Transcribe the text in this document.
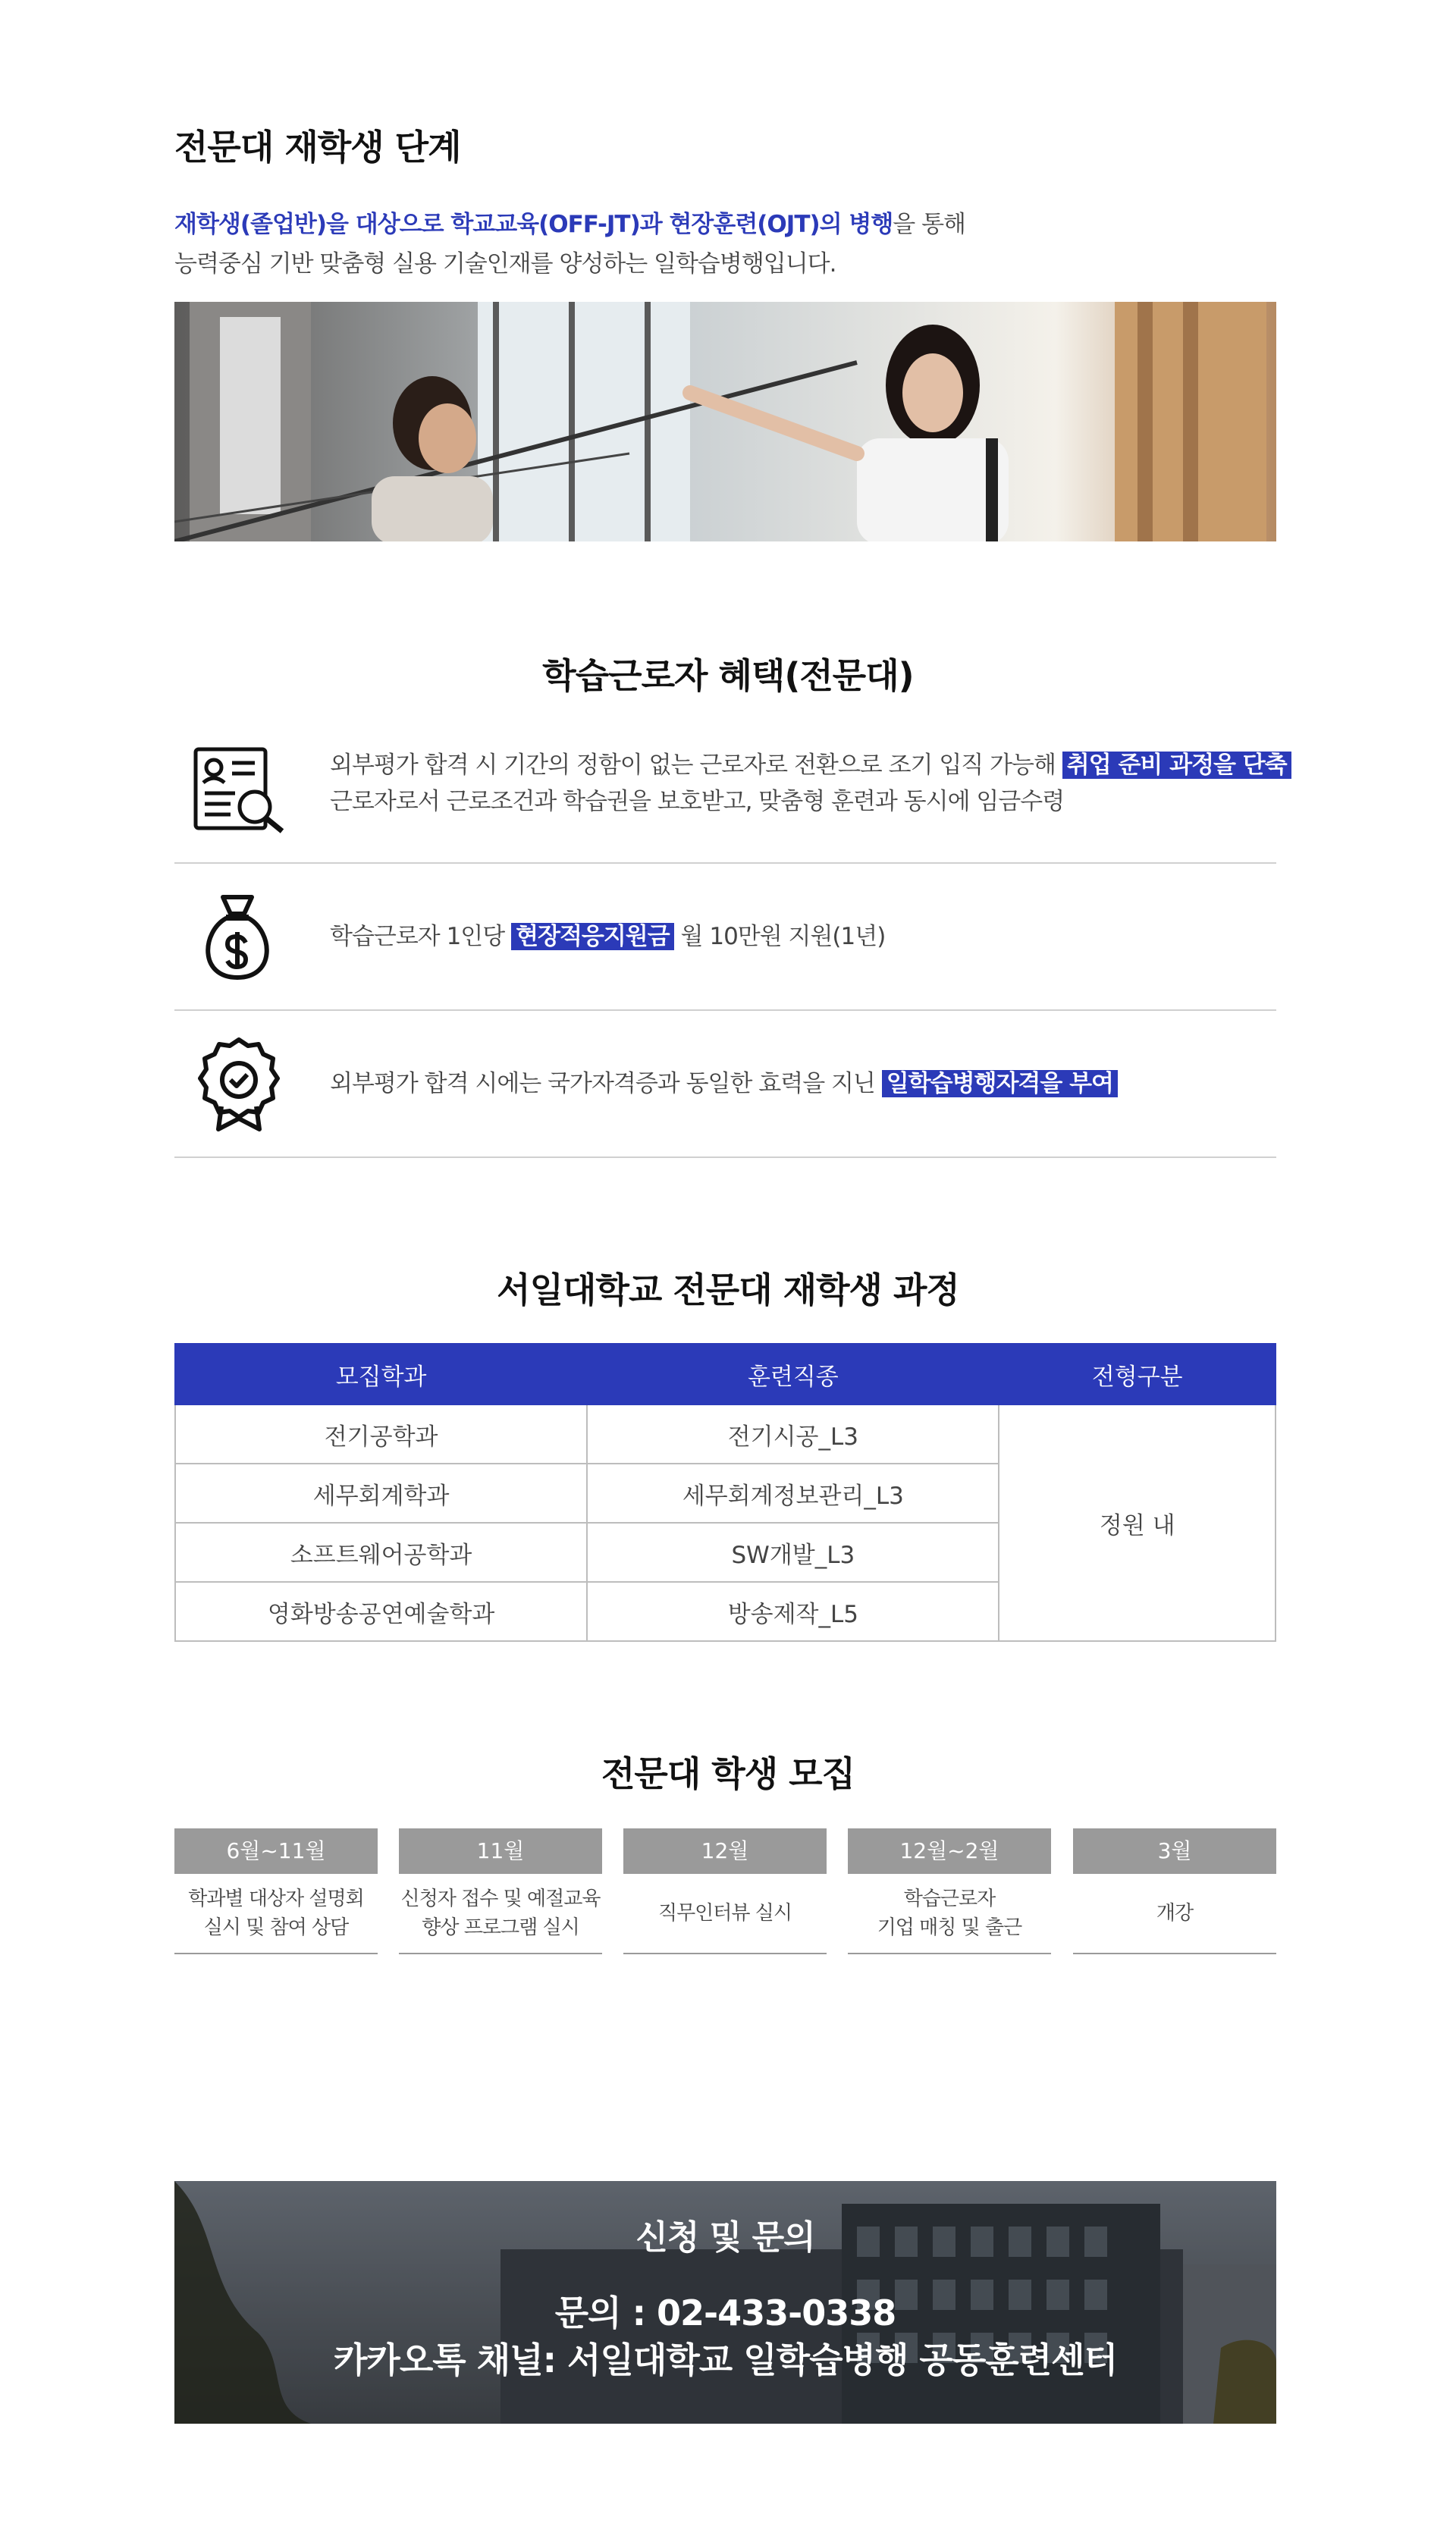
전문대 재학생 단계
재학생(졸업반)을 대상으로 학교교육(OFF-JT)과 현장훈련(OJT)의 병행을 통해
능력중심 기반 맞춤형 실용 기술인재를 양성하는 일학습병행입니다.
학습근로자 혜택(전문대)
외부평가 합격 시 기간의 정함이 없는 근로자로 전환으로 조기 입직 가능해 취업 준비 과정을 단축
근로자로서 근로조건과 학습권을 보호받고, 맞춤형 훈련과 동시에 임금수령
학습근로자 1인당 현장적응지원금 월 10만원 지원(1년)
외부평가 합격 시에는 국가자격증과 동일한 효력을 지닌 일학습병행자격을 부여
서일대학교 전문대 재학생 과정
모집학과	훈련직종	전형구분
전기공학과	전기시공_L3	정원 내
세무회계학과	세무회계정보관리_L3	
소프트웨어공학과	SW개발_L3	
영화방송공연예술학과	방송제작_L5	
전문대 학생 모집
6월~11월
학과별 대상자 설명회
실시 및 참여 상담
11월
신청자 접수 및 예절교육
향상 프로그램 실시
12월
직무인터뷰 실시
12월~2월
학습근로자
기업 매칭 및 출근
3월
개강
신청 및 문의
문의 : 02-433-0338
카카오톡 채널: 서일대학교 일학습병행 공동훈련센터
